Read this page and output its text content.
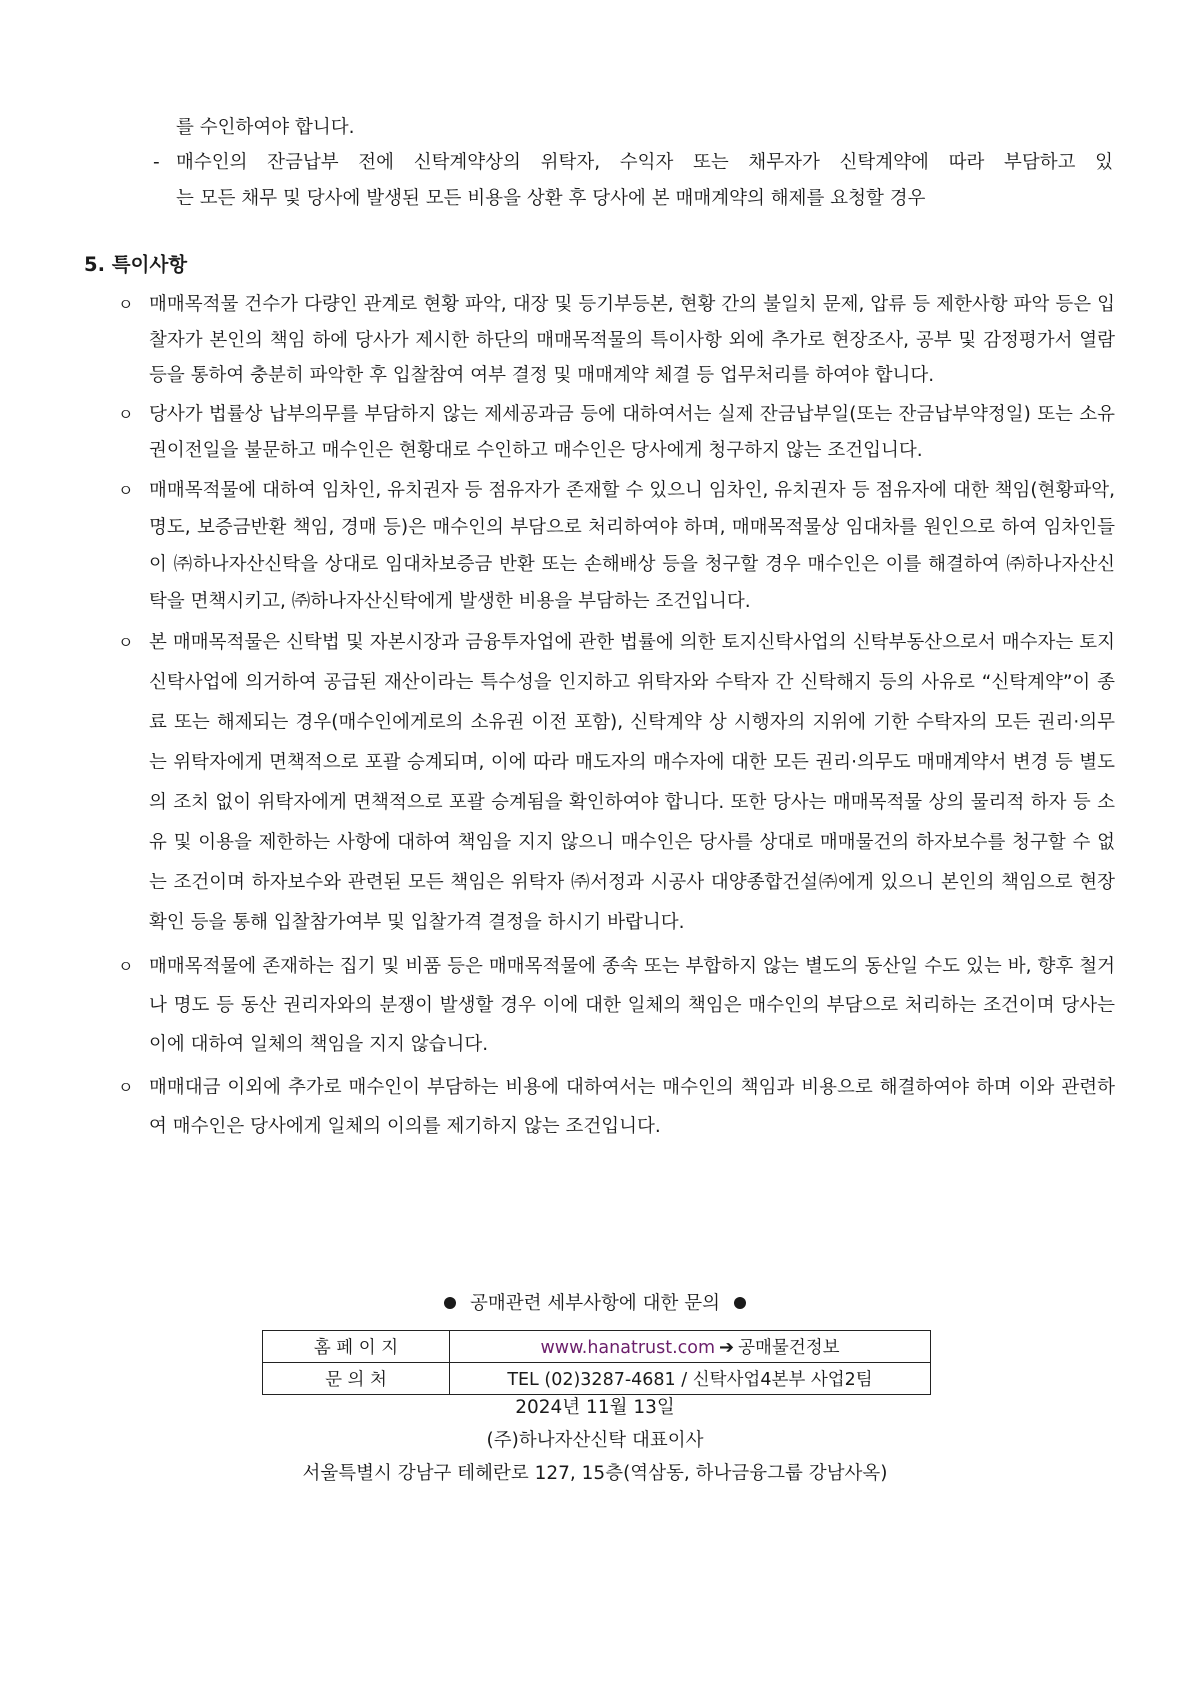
를 수인하여야 합니다.
- 매수인의 잔금납부 전에 신탁계약상의 위탁자, 수익자 또는 채무자가 신탁계약에 따라 부담하고 있
는 모든 채무 및 당사에 발생된 모든 비용을 상환 후 당사에 본 매매계약의 해제를 요청할 경우
5. 특이사항
ㅇ 매매목적물 건수가 다량인 관계로 현황 파악, 대장 및 등기부등본, 현황 간의 불일치 문제, 압류 등 제한사항 파악 등은 입찰자가 본인의 책임 하에 당사가 제시한 하단의 매매목적물의 특이사항 외에 추가로 현장조사, 공부 및 감정평가서 열람 등을 통하여 충분히 파악한 후 입찰참여 여부 결정 및 매매계약 체결 등 업무처리를 하여야 합니다.
ㅇ 당사가 법률상 납부의무를 부담하지 않는 제세공과금 등에 대하여서는 실제 잔금납부일(또는 잔금납부약정일) 또는 소유권이전일을 불문하고 매수인은 현황대로 수인하고 매수인은 당사에게 청구하지 않는 조건입니다.
ㅇ 매매목적물에 대하여 임차인, 유치권자 등 점유자가 존재할 수 있으니 임차인, 유치권자 등 점유자에 대한 책임(현황파악, 명도, 보증금반환 책임, 경매 등)은 매수인의 부담으로 처리하여야 하며, 매매목적물상 임대차를 원인으로 하여 임차인들이 ㈜하나자산신탁을 상대로 임대차보증금 반환 또는 손해배상 등을 청구할 경우 매수인은 이를 해결하여 ㈜하나자산신탁을 면책시키고, ㈜하나자산신탁에게 발생한 비용을 부담하는 조건입니다.
ㅇ 본 매매목적물은 신탁법 및 자본시장과 금융투자업에 관한 법률에 의한 토지신탁사업의 신탁부동산으로서 매수자는 토지신탁사업에 의거하여 공급된 재산이라는 특수성을 인지하고 위탁자와 수탁자 간 신탁해지 등의 사유로 “신탁계약”이 종료 또는 해제되는 경우(매수인에게로의 소유권 이전 포함), 신탁계약 상 시행자의 지위에 기한 수탁자의 모든 권리·의무는 위탁자에게 면책적으로 포괄 승계되며, 이에 따라 매도자의 매수자에 대한 모든 권리·의무도 매매계약서 변경 등 별도의 조치 없이 위탁자에게 면책적으로 포괄 승계됨을 확인하여야 합니다. 또한 당사는 매매목적물 상의 물리적 하자 등 소유 및 이용을 제한하는 사항에 대하여 책임을 지지 않으니 매수인은 당사를 상대로 매매물건의 하자보수를 청구할 수 없는 조건이며 하자보수와 관련된 모든 책임은 위탁자 ㈜서정과 시공사 대양종합건설㈜에게 있으니 본인의 책임으로 현장 확인 등을 통해 입찰참가여부 및 입찰가격 결정을 하시기 바랍니다.
ㅇ 매매목적물에 존재하는 집기 및 비품 등은 매매목적물에 종속 또는 부합하지 않는 별도의 동산일 수도 있는 바, 향후 철거나 명도 등 동산 권리자와의 분쟁이 발생할 경우 이에 대한 일체의 책임은 매수인의 부담으로 처리하는 조건이며 당사는 이에 대하여 일체의 책임을 지지 않습니다.
ㅇ 매매대금 이외에 추가로 매수인이 부담하는 비용에 대하여서는 매수인의 책임과 비용으로 해결하여야 하며 이와 관련하여 매수인은 당사에게 일체의 이의를 제기하지 않는 조건입니다.
공매관련 세부사항에 대한 문의
홈 페 이 지	www.hanatrust.com ➔ 공매물건정보
문 의 처	TEL (02)3287-4681 / 신탁사업4본부 사업2팀
2024년 11월 13일
(주)하나자산신탁 대표이사
서울특별시 강남구 테헤란로 127, 15층(역삼동, 하나금융그룹 강남사옥)
